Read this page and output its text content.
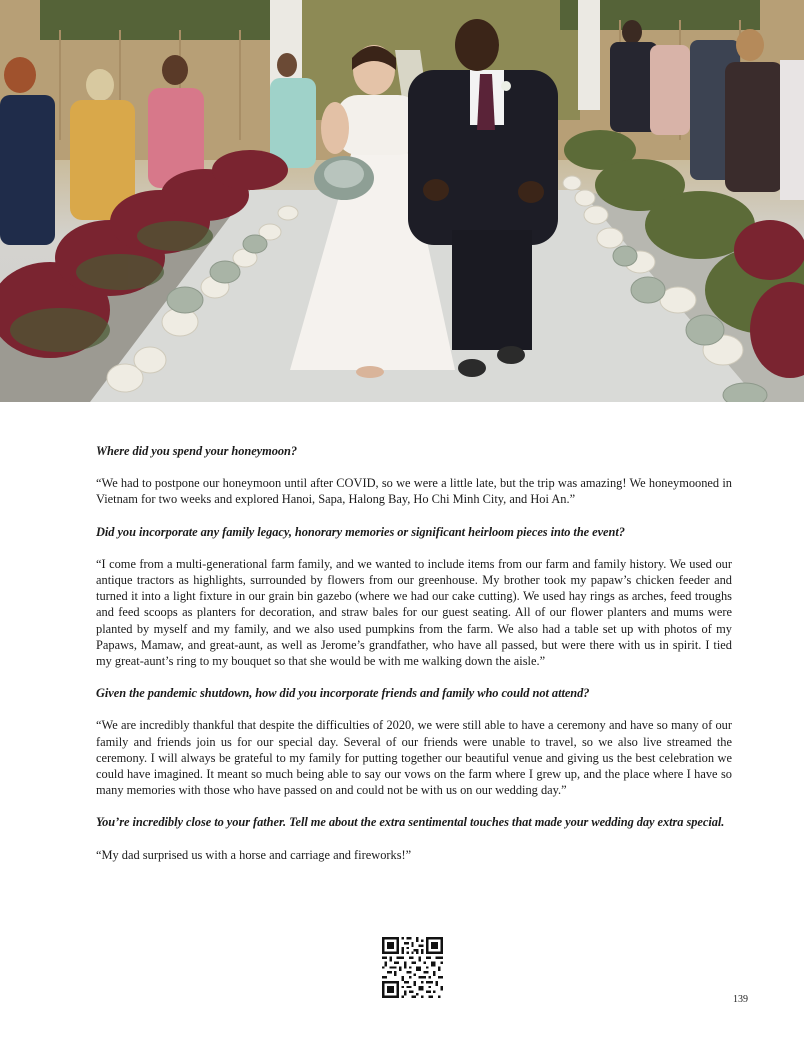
Where did you spend your honeymoon?

“We had to postpone our honeymoon until after COVID, so we were a little late, but the trip was amazing! We honeymooned in Vietnam for two weeks and explored Hanoi, Sapa, Halong Bay, Ho Chi Minh City, and Hoi An.”

Did you incorporate any family legacy, honorary memories or significant heirloom pieces into the event?

“I come from a multi-generational farm family, and we wanted to include items from our farm and family history. We used our antique tractors as highlights, surrounded by flowers from our greenhouse. My brother took my papaw’s chicken feeder and turned it into a light fixture in our grain bin gazebo (where we had our cake cutting). We used hay rings as arches, feed troughs and feed scoops as planters for decoration, and straw bales for our guest seating. All of our flower planters and mums were planted by myself and my family, and we also used pumpkins from the farm. We also had a table set up with photos of my Papaws, Mamaw, and great-aunt, as well as Jerome’s grandfather, who have all passed, but were there with us in spirit. I tied my great-aunt’s ring to my bouquet so that she would be with me walking down the aisle.”

Given the pandemic shutdown, how did you incorporate friends and family who could not attend?

“We are incredibly thankful that despite the difficulties of 2020, we were still able to have a ceremony and have so many of our family and friends join us for our special day. Several of our friends were unable to travel, so we also live streamed the ceremony. I will always be grateful to my family for putting together our beautiful venue and giving us the best celebration we could have imagined. It meant so much being able to say our vows on the farm where I grew up, and the place where I have so many memories with those who have passed on and could not be with us on our wedding day.”

You’re incredibly close to your father. Tell me about the extra sentimental touches that made your wedding day extra special.

“My dad surprised us with a horse and carriage and fireworks!”

139
